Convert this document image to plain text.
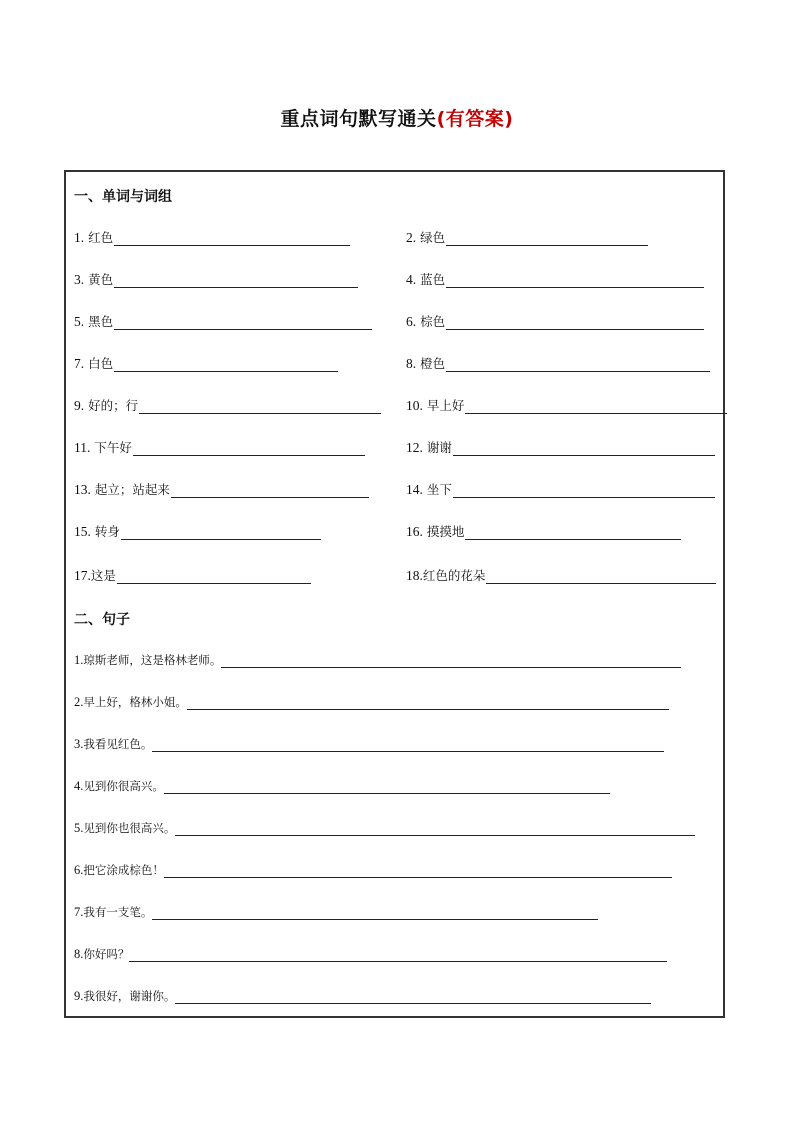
重点词句默写通关(有答案)
一、单词与词组
1. 红色	2. 绿色
3. 黄色	4. 蓝色
5. 黑色	6. 棕色
7. 白色	8. 橙色
9. 好的；行	10. 早上好
11. 下午好	12. 谢谢
13. 起立；站起来	14. 坐下
15. 转身	16. 摸摸地
17. 这是	18. 红色的花朵
二、句子
1. 琼斯老师，这是格林老师。
2. 早上好，格林小姐。
3. 我看见红色。
4. 见到你很高兴。
5. 见到你也很高兴。
6. 把它涂成棕色！
7. 我有一支笔。
8. 你好吗？
9. 我很好，谢谢你。
